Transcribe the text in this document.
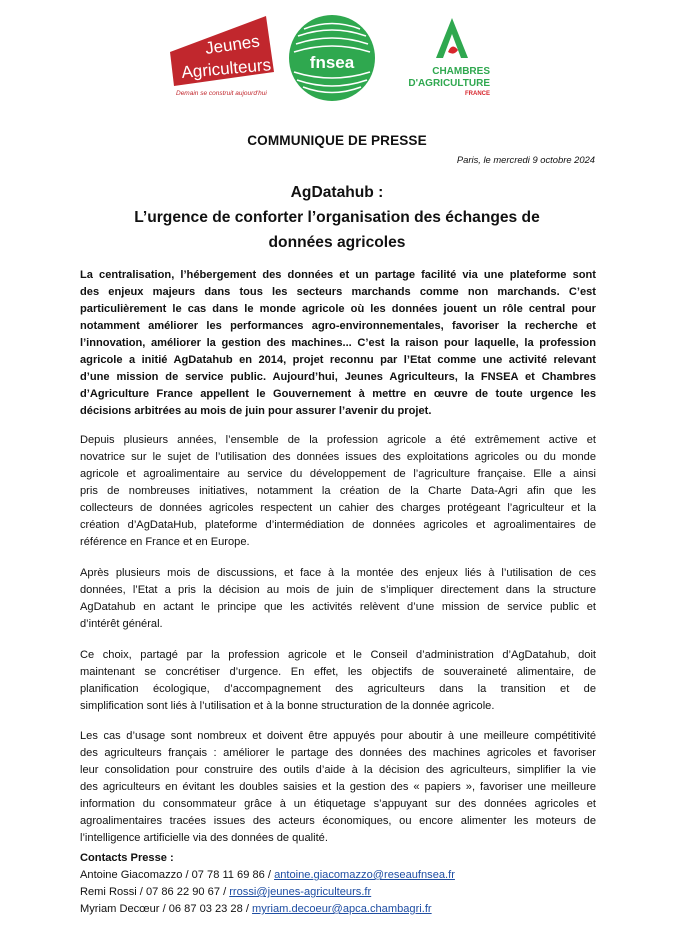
Jeunes
Agriculteurs
Demain se construit aujourd'hui
fnsea	CHAMBRES
D'AGRICULTURE
FRANCE
COMMUNIQUE DE PRESSE
Paris, le mercredi 9 octobre 2024
AgDatahub :
L’urgence de conforter l’organisation des échanges de
données agricoles
La centralisation, l’hébergement des données et un partage facilité via une plateforme sont
des enjeux majeurs dans tous les secteurs marchands comme non marchands. C’est
particulièrement le cas dans le monde agricole où les données jouent un rôle central pour
notamment améliorer les performances agro-environnementales, favoriser la recherche et
l’innovation, améliorer la gestion des machines... C’est la raison pour laquelle, la profession
agricole a initié AgDatahub en 2014, projet reconnu par l’Etat comme une activité relevant
d’une mission de service public. Aujourd’hui, Jeunes Agriculteurs, la FNSEA et Chambres
d’Agriculture France appellent le Gouvernement à mettre en œuvre de toute urgence les
décisions arbitrées au mois de juin pour assurer l’avenir du projet.
Depuis plusieurs années, l’ensemble de la profession agricole a été extrêmement active et
novatrice sur le sujet de l’utilisation des données issues des exploitations agricoles ou du monde
agricole et agroalimentaire au service du développement de l’agriculture française. Elle a ainsi
pris de nombreuses initiatives, notamment la création de la Charte Data-Agri afin que les
collecteurs de données agricoles respectent un cahier des charges protégeant l’agriculteur et la
création d’AgDataHub, plateforme d’intermédiation de données agricoles et agroalimentaires de
référence en France et en Europe.
Après plusieurs mois de discussions, et face à la montée des enjeux liés à l’utilisation de ces
données, l’Etat a pris la décision au mois de juin de s’impliquer directement dans la structure
AgDatahub en actant le principe que les activités relèvent d’une mission de service public et
d’intérêt général.
Ce choix, partagé par la profession agricole et le Conseil d’administration d’AgDatahub, doit
maintenant se concrétiser d’urgence. En effet, les objectifs de souveraineté alimentaire, de
planification écologique, d’accompagnement des agriculteurs dans la transition et de
simplification sont liés à l’utilisation et à la bonne structuration de la donnée agricole.
Les cas d’usage sont nombreux et doivent être appuyés pour aboutir à une meilleure compétitivité
des agriculteurs français : améliorer le partage des données des machines agricoles et favoriser
leur consolidation pour construire des outils d’aide à la décision des agriculteurs, simplifier la vie
des agriculteurs en évitant les doubles saisies et la gestion des « papiers », favoriser une meilleure
information du consommateur grâce à un étiquetage s’appuyant sur des données agricoles et
agroalimentaires tracées issues des acteurs économiques, ou encore alimenter les moteurs de
l’intelligence artificielle via des données de qualité.
Contacts Presse :
Antoine Giacomazzo / 07 78 11 69 86 / antoine.giacomazzo@reseaufnsea.fr
Remi Rossi / 07 86 22 90 67 / rrossi@jeunes-agriculteurs.fr
Myriam Decœur / 06 87 03 23 28 / myriam.decoeur@apca.chambagri.fr
